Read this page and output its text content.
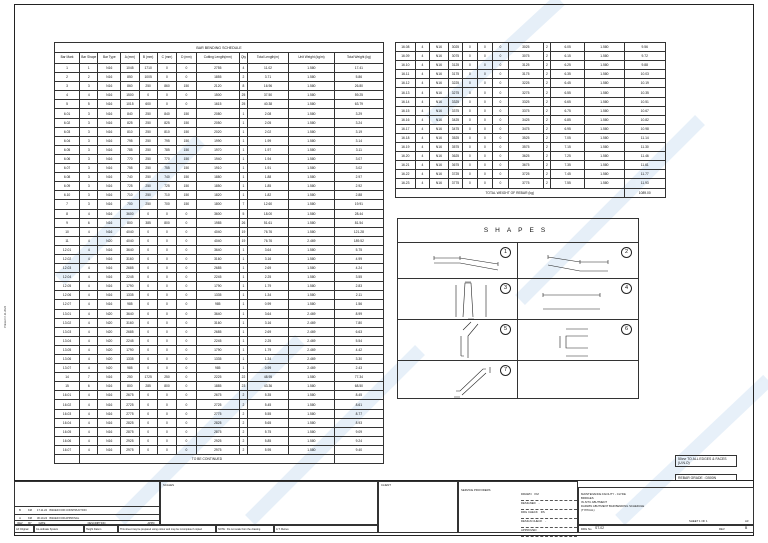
Printed 17.11.2024
BAR BENDING SCHEDULE											
Bar Mark	Bar Shape	Bar Type	A (mm)	B (mm)	C (mm)	D (mm)	Cutting Length(mm)	Qty	Total Length(m)	Unit Weight (kg/m)	Total Weight (kg)
1	1	N16	1045	1710	0	0	2755	4	11.02	1.580	17.41
2	2	N16	850	1005	0	0	1855	2	3.71	1.580	5.86
3	3	N16	860	250	860	150	2120	8	16.96	1.580	26.80
4	4	N16	1500	0	0	0	1500	25	37.50	1.580	59.25
5	5	N16	1015	600	0	0	1615	25	40.38	1.580	63.79
6.01	3	N16	840	250	840	150	2080	1	2.08	1.580	3.29
6.02	3	N16	825	250	825	150	2050	1	2.05	1.580	3.24
6.03	3	N16	810	250	810	150	2020	1	2.02	1.580	3.19
6.04	3	N16	795	250	795	150	1990	1	1.99	1.580	3.14
6.05	3	N16	785	250	785	150	1970	1	1.97	1.580	3.11
6.06	3	N16	770	250	770	150	1940	1	1.94	1.580	3.07
6.07	3	N16	755	250	755	150	1910	1	1.91	1.580	3.02
6.08	3	N16	740	250	740	150	1880	1	1.88	1.580	2.97
6.09	3	N16	725	250	725	150	1850	1	1.85	1.580	2.92
6.10	3	N16	710	250	710	150	1820	1	1.82	1.580	2.88
7	3	N16	700	250	700	150	1800	7	12.60	1.580	19.91
8	4	N16	3600	0	0	0	3600	5	18.00	1.580	28.44
9	6	N16	800	385	800	0	1985	26	51.61	1.580	81.54
10	4	N16	4040	0	0	0	4040	19	76.76	1.580	121.28
11	4	N20	4040	0	0	0	4040	19	76.76	2.469	189.52
12.01	4	N16	3640	0	0	0	3640	1	3.64	1.580	5.75
12.02	4	N16	3160	0	0	0	3160	1	3.16	1.580	4.99
12.03	4	N16	2685	0	0	0	2685	1	2.69	1.580	4.24
12.04	4	N16	2245	0	0	0	2245	1	2.25	1.580	3.55
12.05	4	N16	1790	0	0	0	1790	1	1.79	1.580	2.83
12.06	4	N16	1335	0	0	0	1335	1	1.34	1.580	2.11
12.07	4	N16	985	0	0	0	985	1	0.99	1.580	1.56
13.01	4	N20	3640	0	0	0	3640	1	3.64	2.469	8.99
13.02	4	N20	3160	0	0	0	3160	1	3.16	2.469	7.80
13.03	4	N20	2685	0	0	0	2685	1	2.69	2.469	6.63
13.04	4	N20	2245	0	0	0	2245	1	2.25	2.469	5.54
13.05	4	N20	1790	0	0	0	1790	1	1.79	2.469	4.42
13.06	4	N20	1335	0	0	0	1335	1	1.34	2.469	3.30
13.07	4	N20	985	0	0	0	985	1	0.99	2.469	2.43
14	7	N16	250	1725	250	0	2225	22	48.95	1.580	77.34
15	6	N16	800	285	800	0	1885	23	43.36	1.580	68.50
16.01	4	N16	2675	0	0	0	2675	2	5.35	1.580	8.45
16.02	4	N16	2725	0	0	0	2725	2	5.45	1.580	8.61
16.03	4	N16	2775	0	0	0	2775	2	5.55	1.580	8.77
16.04	4	N16	2825	0	0	0	2825	2	5.65	1.580	8.93
16.05	4	N16	2875	0	0	0	2875	2	5.75	1.580	9.09
16.06	4	N16	2925	0	0	0	2925	2	5.85	1.580	9.24
16.07	4	N16	2975	0	0	0	2975	2	5.95	1.580	9.40
	TO BE CONTINUED										
16.08	4	N16	3025	0	0	0	3025	2	6.05	1.580	9.56
16.09	4	N16	3075	0	0	0	3075	2	6.15	1.580	9.72
16.10	4	N16	3125	0	0	0	3125	2	6.25	1.580	9.88
16.11	4	N16	3175	0	0	0	3175	2	6.35	1.580	10.03
16.12	4	N16	3225	0	0	0	3225	2	6.45	1.580	10.19
16.13	4	N16	3275	0	0	0	3275	2	6.55	1.580	10.35
16.14	4	N16	3325	0	0	0	3325	2	6.65	1.580	10.51
16.15	4	N16	3375	0	0	0	3375	2	6.75	1.580	10.67
16.16	4	N16	3425	0	0	0	3425	2	6.85	1.580	10.82
16.17	4	N16	3475	0	0	0	3475	2	6.95	1.580	10.98
16.18	4	N16	3525	0	0	0	3525	2	7.05	1.580	11.14
16.19	4	N16	3575	0	0	0	3575	2	7.15	1.580	11.30
16.20	4	N16	3625	0	0	0	3625	2	7.25	1.580	11.46
16.21	4	N16	3675	0	0	0	3675	2	7.35	1.580	11.61
16.22	4	N16	3725	0	0	0	3725	2	7.45	1.580	11.77
16.23	4	N16	3775	0	0	0	3775	2	7.55	1.580	11.93
TOTAL WEIGHT OF REBAR (kg)											1089.00
SHAPES
1	2
3	4
5	6
7
50cvr TO ALL EDGES & FACES (U.N.O)
REBAR GRADE : D500N
B	KM	17.11.24 ISSUED FOR CONSTRUCTION
A	KM	30.10.24 ISSUED FOR APPROVAL
REV	BY	DATE	DESCRIPTION	APPD
SCALES	CLIENT
SERVICE PROVIDERS
DRAWN KM
DESIGNED -
DRG CHECK RS
DESIGN CHECK -
APPROVED
MAINTENANCE FACILITY - CLYDE
BRIDGES
IN-SITU ABUTMENT
DARWIN ABUTMENT BAR BENDING SCHEDULE
(TYPICAL)
DRG No ST-02	REV	B
SHEET 1 OF 1	A3
A3 Original	Co-ordinate System	Height Datum	This sheet may be prepared using colour and may be incomplete if copied	NOTE : Do not scale from the drawing	A.T. Metres
